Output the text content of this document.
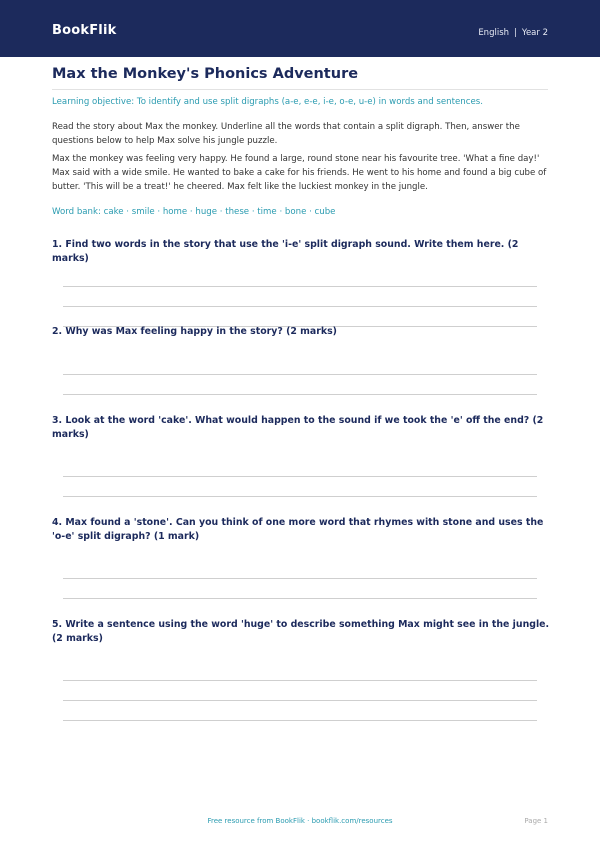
BookFlik	English | Year 2
Max the Monkey's Phonics Adventure
Learning objective: To identify and use split digraphs (a-e, e-e, i-e, o-e, u-e) in words and sentences.
Read the story about Max the monkey. Underline all the words that contain a split digraph. Then, answer the questions below to help Max solve his jungle puzzle.
Max the monkey was feeling very happy. He found a large, round stone near his favourite tree. 'What a fine day!' Max said with a wide smile. He wanted to bake a cake for his friends. He went to his home and found a big cube of butter. 'This will be a treat!' he cheered. Max felt like the luckiest monkey in the jungle.
Word bank: cake · smile · home · huge · these · time · bone · cube
1. Find two words in the story that use the 'i-e' split digraph sound. Write them here. (2 marks)
2. Why was Max feeling happy in the story? (2 marks)
3. Look at the word 'cake'. What would happen to the sound if we took the 'e' off the end? (2 marks)
4. Max found a 'stone'. Can you think of one more word that rhymes with stone and uses the 'o-e' split digraph? (1 mark)
5. Write a sentence using the word 'huge' to describe something Max might see in the jungle. (2 marks)
Free resource from BookFlik · bookflik.com/resources	Page 1
